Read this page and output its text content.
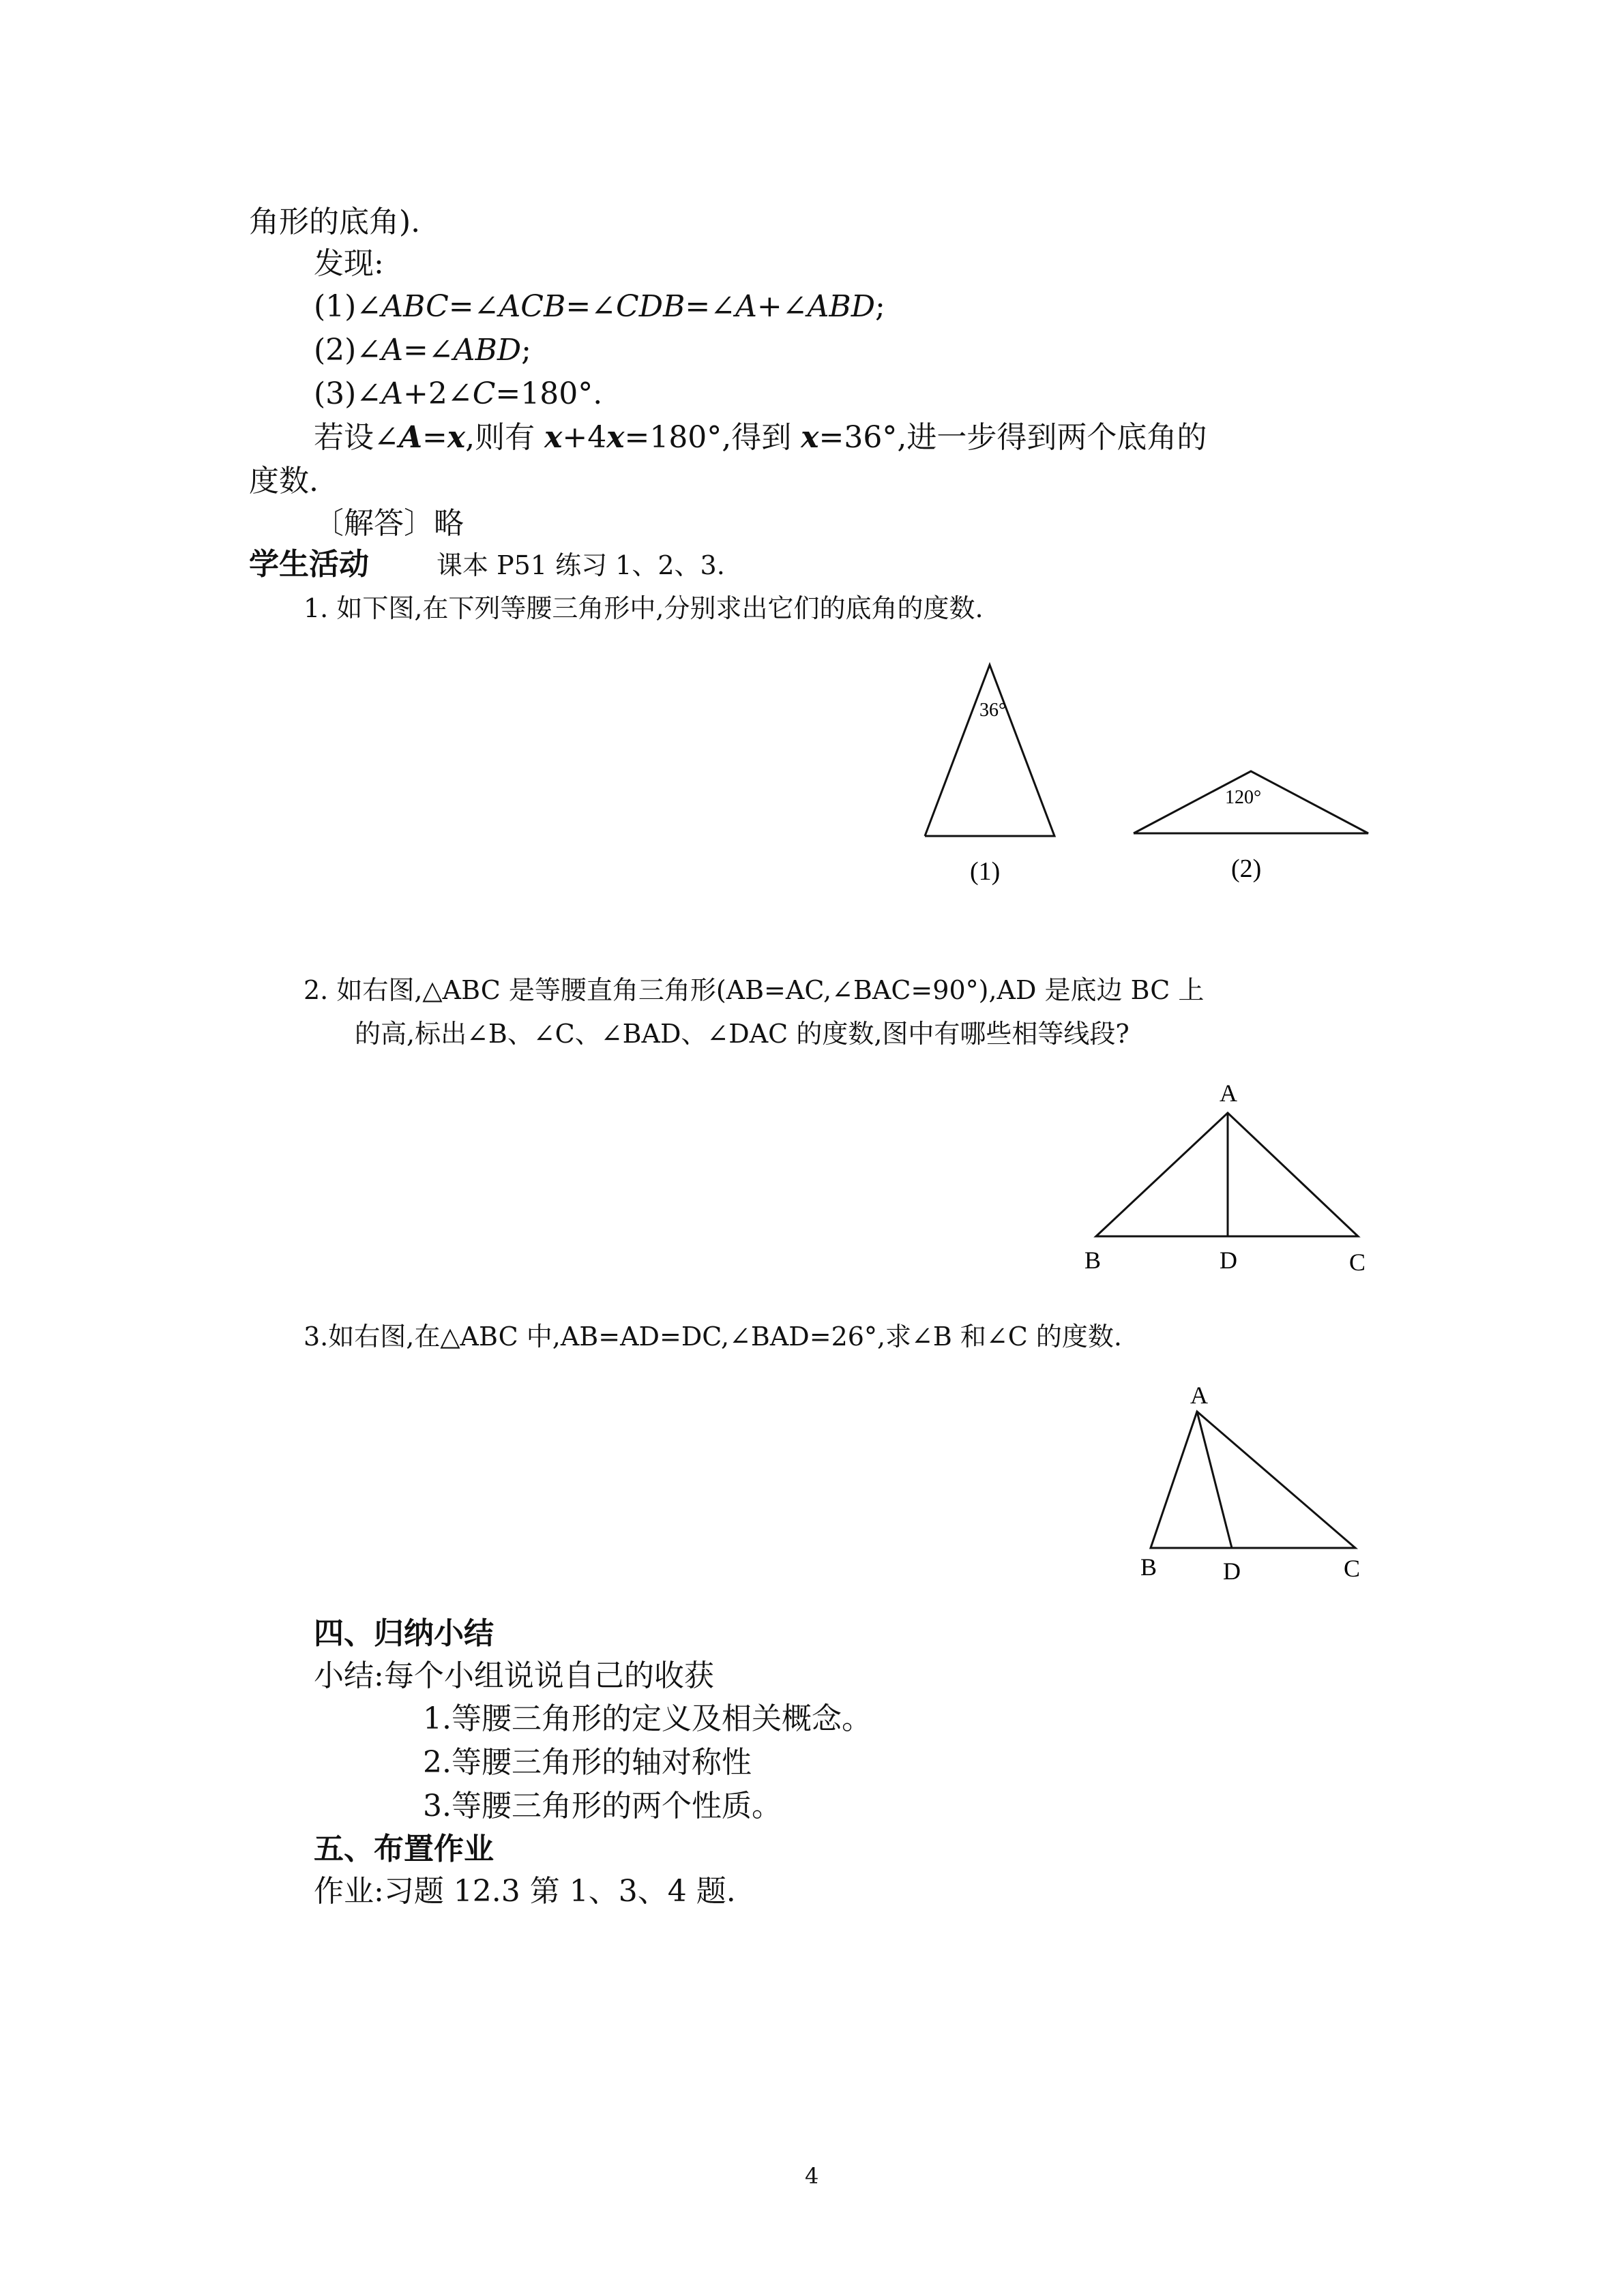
角形的底角).
发现:
(1)∠ABC=∠ACB=∠CDB=∠A+∠ABD;
(2)∠A=∠ABD;
(3)∠A+2∠C=180°.
若设∠A=x,则有 x+4x=180°,得到 x=36°,进一步得到两个底角的
度数.
〔解答〕略
学生活动	课本 P51 练习 1、2、3.
1. 如下图,在下列等腰三角形中,分别求出它们的底角的度数.
36°
(1)
120°
(2)
2. 如右图,△ABC 是等腰直角三角形(AB=AC,∠BAC=90°),AD 是底边 BC 上
的高,标出∠B、∠C、∠BAD、∠DAC 的度数,图中有哪些相等线段?
A
B	D	C
3.如右图,在△ABC 中,AB=AD=DC,∠BAD=26°,求∠B 和∠C 的度数.
A
B	D	C
四、归纳小结
小结:每个小组说说自己的收获
1.等腰三角形的定义及相关概念。
2.等腰三角形的轴对称性
3.等腰三角形的两个性质。
五、布置作业
作业:习题 12.3 第 1、3、4 题.
4
